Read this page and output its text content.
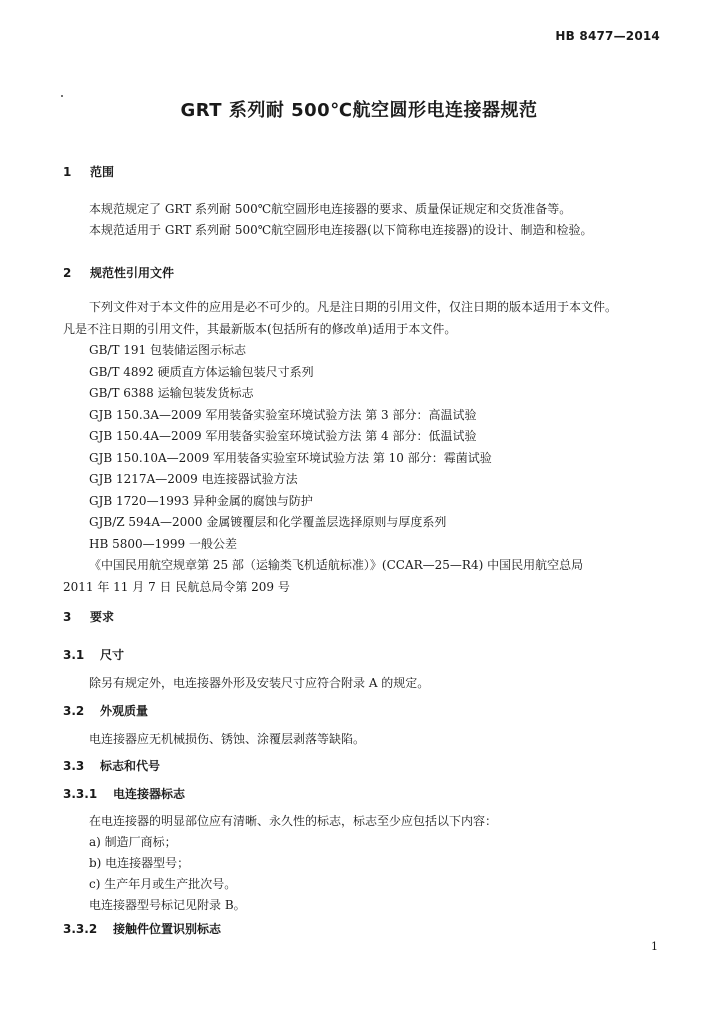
HB 8477—2014
GRT 系列耐 500℃航空圆形电连接器规范
1 范围

本规范规定了 GRT 系列耐 500℃航空圆形电连接器的要求、质量保证规定和交货准备等。

本规范适用于 GRT 系列耐 500℃航空圆形电连接器(以下简称电连接器)的设计、制造和检验。

2 规范性引用文件

下列文件对于本文件的应用是必不可少的。凡是注日期的引用文件，仅注日期的版本适用于本文件。

凡是不注日期的引用文件，其最新版本(包括所有的修改单)适用于本文件。

GB/T 191 包装储运图示标志

GB/T 4892 硬质直方体运输包装尺寸系列

GB/T 6388 运输包装发货标志

GJB 150.3A—2009 军用装备实验室环境试验方法 第 3 部分：高温试验

GJB 150.4A—2009 军用装备实验室环境试验方法 第 4 部分：低温试验

GJB 150.10A—2009 军用装备实验室环境试验方法 第 10 部分：霉菌试验

GJB 1217A—2009 电连接器试验方法

GJB 1720—1993 异种金属的腐蚀与防护

GJB/Z 594A—2000 金属镀覆层和化学覆盖层选择原则与厚度系列

HB 5800—1999 一般公差

《中国民用航空规章第 25 部（运输类飞机适航标准）》(CCAR—25—R4) 中国民用航空总局

2011 年 11 月 7 日 民航总局令第 209 号

3 要求
3.1 尺寸

除另有规定外，电连接器外形及安装尺寸应符合附录 A 的规定。

3.2 外观质量

电连接器应无机械损伤、锈蚀、涂覆层剥落等缺陷。

3.3 标志和代号
3.3.1 电连接器标志

在电连接器的明显部位应有清晰、永久性的标志，标志至少应包括以下内容：

a) 制造厂商标；

b) 电连接器型号；

c) 生产年月或生产批次号。

电连接器型号标记见附录 B。

3.3.2 接触件位置识别标志
1
